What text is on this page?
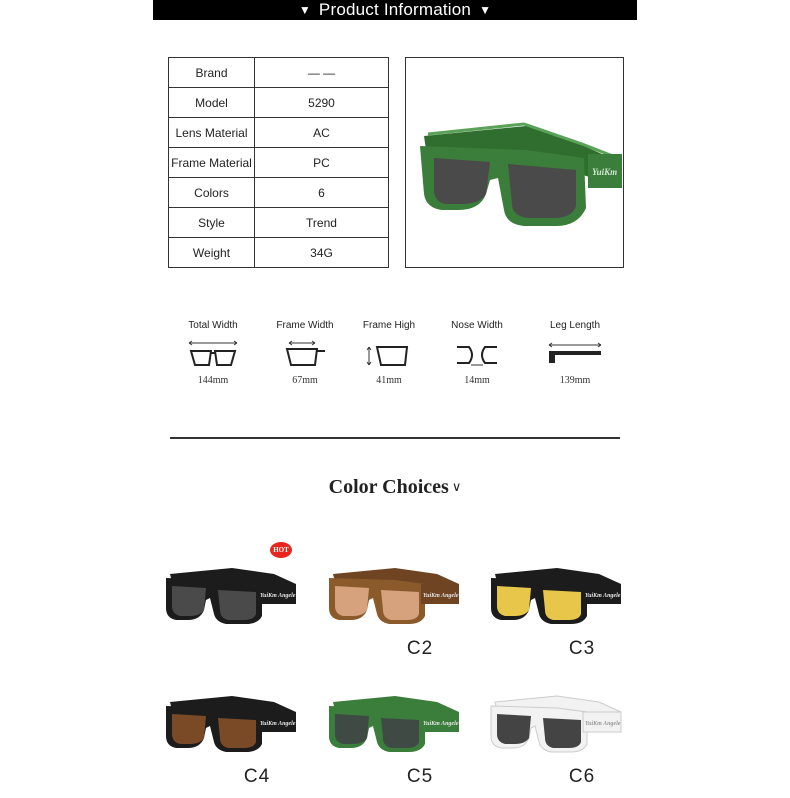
▼ Product Information ▼
Brand	— —
Model	5290
Lens Material	AC
Frame Material	PC
Colors	6
Style	Trend
Weight	34G
YuiKm
Total Width
144mm
Frame Width
67mm
Frame High
41mm
Nose Width
14mm
Leg Length
139mm
Color Choices ∨
YuiKm Angele
HOT
YuiKm Angele
C2
YuiKm Angele
C3
YuiKm Angele
C4
YuiKm Angele
C5
YuiKm Angele
C6
